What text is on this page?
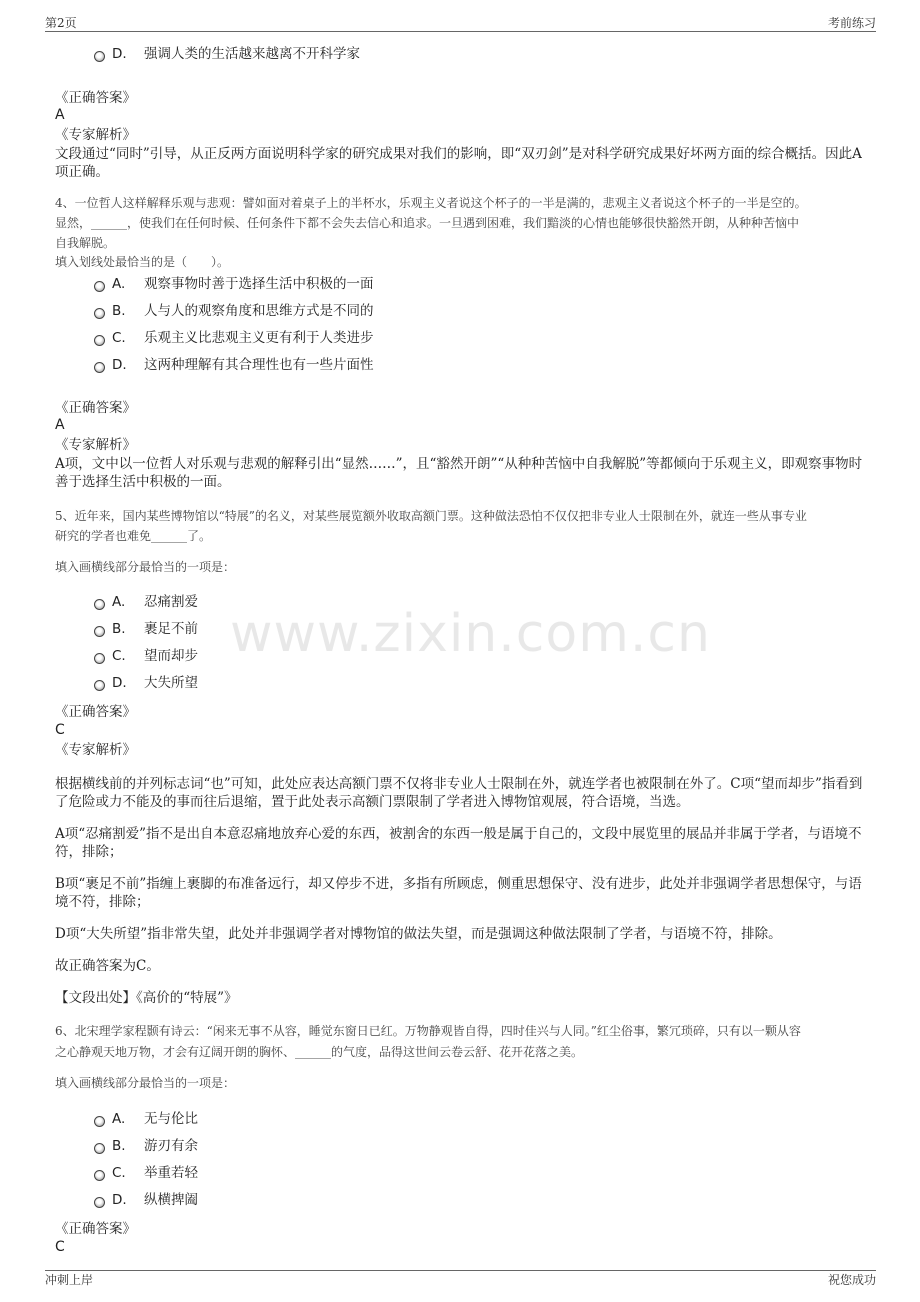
第2页	考前练习
www.zixin.com.cn
D. 强调人类的生活越来越离不开科学家
《正确答案》
A
《专家解析》
文段通过“同时”引导，从正反两方面说明科学家的研究成果对我们的影响，即“双刃剑”是对科学研究成果好坏两方面的综合概括。因此A项正确。
4、一位哲人这样解释乐观与悲观：譬如面对着桌子上的半杯水，乐观主义者说这个杯子的一半是满的，悲观主义者说这个杯子的一半是空的。
显然，______，使我们在任何时候、任何条件下都不会失去信心和追求。一旦遇到困难，我们黯淡的心情也能够很快豁然开朗，从种种苦恼中
自我解脱。
填入划线处最恰当的是（　　）。
A. 观察事物时善于选择生活中积极的一面
B. 人与人的观察角度和思维方式是不同的
C. 乐观主义比悲观主义更有利于人类进步
D. 这两种理解有其合理性也有一些片面性
《正确答案》
A
《专家解析》
A项，文中以一位哲人对乐观与悲观的解释引出“显然……”，且“豁然开朗”“从种种苦恼中自我解脱”等都倾向于乐观主义，即观察事物时善于选择生活中积极的一面。
5、近年来，国内某些博物馆以“特展”的名义，对某些展览额外收取高额门票。这种做法恐怕不仅仅把非专业人士限制在外，就连一些从事专业
研究的学者也难免______了。
填入画横线部分最恰当的一项是：
A. 忍痛割爱
B. 裹足不前
C. 望而却步
D. 大失所望
《正确答案》
C
《专家解析》
根据横线前的并列标志词“也”可知，此处应表达高额门票不仅将非专业人士限制在外，就连学者也被限制在外了。C项“望而却步”指看到了危险或力不能及的事而往后退缩，置于此处表示高额门票限制了学者进入博物馆观展，符合语境，当选。
A项“忍痛割爱”指不是出自本意忍痛地放弃心爱的东西，被割舍的东西一般是属于自己的，文段中展览里的展品并非属于学者，与语境不符，排除；
B项“裹足不前”指缠上裹脚的布准备远行，却又停步不进，多指有所顾虑，侧重思想保守、没有进步，此处并非强调学者思想保守，与语境不符，排除；
D项“大失所望”指非常失望，此处并非强调学者对博物馆的做法失望，而是强调这种做法限制了学者，与语境不符，排除。
故正确答案为C。
【文段出处】《高价的“特展”》
6、北宋理学家程颢有诗云：“闲来无事不从容，睡觉东窗日已红。万物静观皆自得，四时佳兴与人同。”红尘俗事，繁冗琐碎，只有以一颗从容
之心静观天地万物，才会有辽阔开朗的胸怀、______的气度，品得这世间云卷云舒、花开花落之美。
填入画横线部分最恰当的一项是：
A. 无与伦比
B. 游刃有余
C. 举重若轻
D. 纵横捭阖
《正确答案》
C
冲刺上岸	祝您成功
